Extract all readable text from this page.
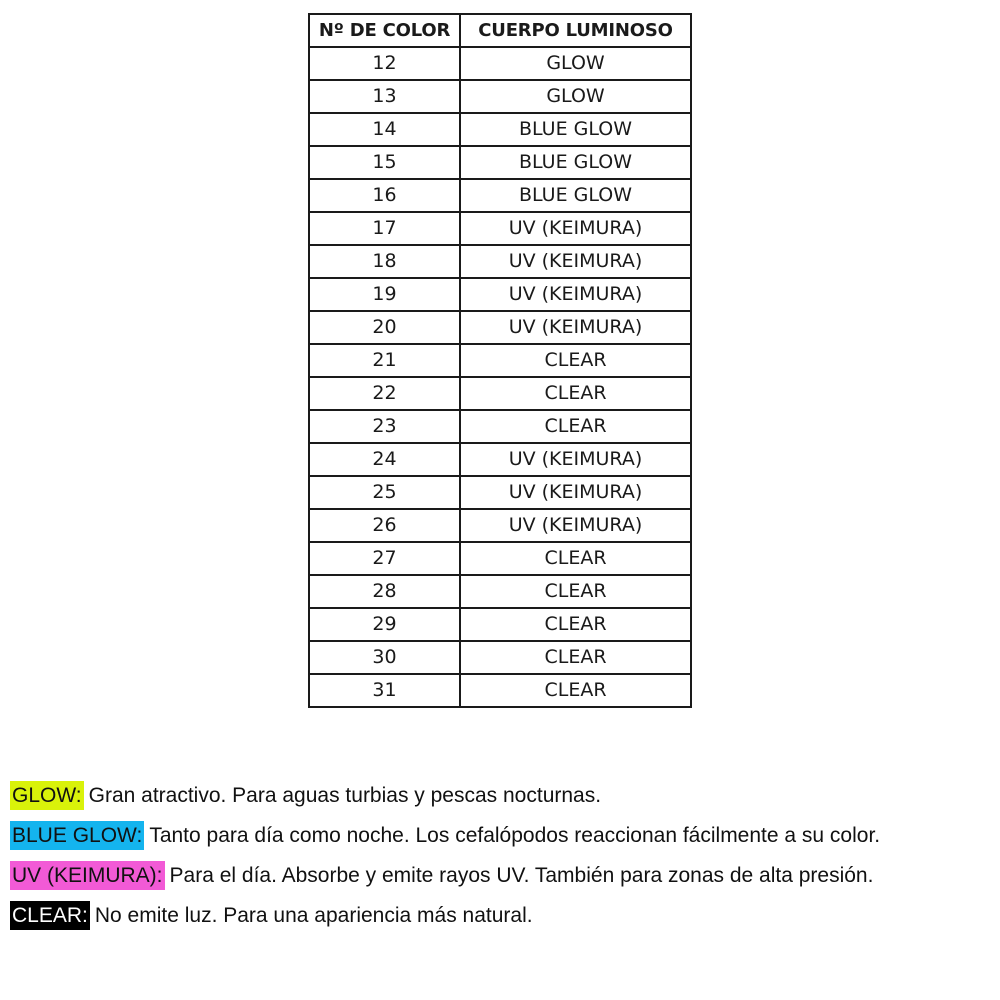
Nº DE COLOR	CUERPO LUMINOSO
12	GLOW
13	GLOW
14	BLUE GLOW
15	BLUE GLOW
16	BLUE GLOW
17	UV (KEIMURA)
18	UV (KEIMURA)
19	UV (KEIMURA)
20	UV (KEIMURA)
21	CLEAR
22	CLEAR
23	CLEAR
24	UV (KEIMURA)
25	UV (KEIMURA)
26	UV (KEIMURA)
27	CLEAR
28	CLEAR
29	CLEAR
30	CLEAR
31	CLEAR
GLOW: Gran atractivo. Para aguas turbias y pescas nocturnas.
BLUE GLOW: Tanto para día como noche. Los cefalópodos reaccionan fácilmente a su color.
UV (KEIMURA): Para el día. Absorbe y emite rayos UV. También para zonas de alta presión.
CLEAR: No emite luz. Para una apariencia más natural.
